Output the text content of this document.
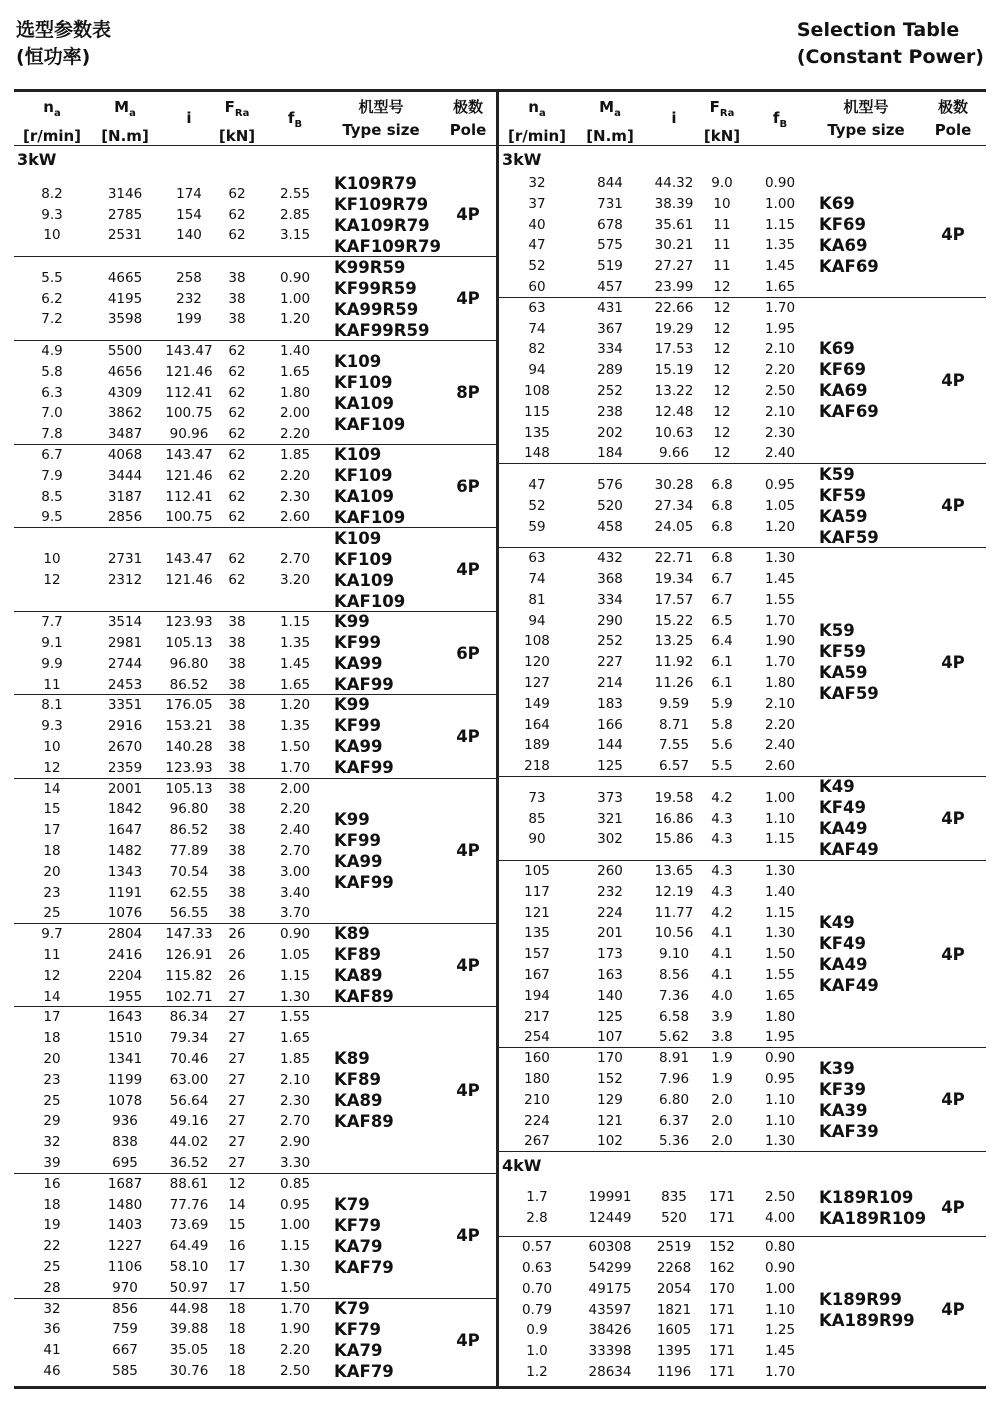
选型参数表
(恒功率)
Selection Table
(Constant Power)
$n_a$
[r/min]
$M_a$
[N.m]
i
$F_{Ra}$
[kN]
$f_B$
机型号
Type size
极数
Pole
3kW
8.2	3146	174	62	2.55
9.3	2785	154	62	2.85
10	2531	140	62	3.15
K109R79
KF109R79
KA109R79
KAF109R79
4P
5.5	4665	258	38	0.90
6.2	4195	232	38	1.00
7.2	3598	199	38	1.20
K99R59
KF99R59
KA99R59
KAF99R59
4P
4.9	5500	143.47	62	1.40
5.8	4656	121.46	62	1.65
6.3	4309	112.41	62	1.80
7.0	3862	100.75	62	2.00
7.8	3487	90.96	62	2.20
K109
KF109
KA109
KAF109
8P
6.7	4068	143.47	62	1.85
7.9	3444	121.46	62	2.20
8.5	3187	112.41	62	2.30
9.5	2856	100.75	62	2.60
K109
KF109
KA109
KAF109
6P
10	2731	143.47	62	2.70
12	2312	121.46	62	3.20
K109
KF109
KA109
KAF109
4P
7.7	3514	123.93	38	1.15
9.1	2981	105.13	38	1.35
9.9	2744	96.80	38	1.45
11	2453	86.52	38	1.65
K99
KF99
KA99
KAF99
6P
8.1	3351	176.05	38	1.20
9.3	2916	153.21	38	1.35
10	2670	140.28	38	1.50
12	2359	123.93	38	1.70
K99
KF99
KA99
KAF99
4P
14	2001	105.13	38	2.00
15	1842	96.80	38	2.20
17	1647	86.52	38	2.40
18	1482	77.89	38	2.70
20	1343	70.54	38	3.00
23	1191	62.55	38	3.40
25	1076	56.55	38	3.70
K99
KF99
KA99
KAF99
4P
9.7	2804	147.33	26	0.90
11	2416	126.91	26	1.05
12	2204	115.82	26	1.15
14	1955	102.71	27	1.30
K89
KF89
KA89
KAF89
4P
17	1643	86.34	27	1.55
18	1510	79.34	27	1.65
20	1341	70.46	27	1.85
23	1199	63.00	27	2.10
25	1078	56.64	27	2.30
29	936	49.16	27	2.70
32	838	44.02	27	2.90
39	695	36.52	27	3.30
K89
KF89
KA89
KAF89
4P
16	1687	88.61	12	0.85
18	1480	77.76	14	0.95
19	1403	73.69	15	1.00
22	1227	64.49	16	1.15
25	1106	58.10	17	1.30
28	970	50.97	17	1.50
K79
KF79
KA79
KAF79
4P
32	856	44.98	18	1.70
36	759	39.88	18	1.90
41	667	35.05	18	2.20
46	585	30.76	18	2.50
K79
KF79
KA79
KAF79
4P
$n_a$
[r/min]
$M_a$
[N.m]
i
$F_{Ra}$
[kN]
$f_B$
机型号
Type size
极数
Pole
3kW
32	844	44.32	9.0	0.90
37	731	38.39	10	1.00
40	678	35.61	11	1.15
47	575	30.21	11	1.35
52	519	27.27	11	1.45
60	457	23.99	12	1.65
K69
KF69
KA69
KAF69
4P
63	431	22.66	12	1.70
74	367	19.29	12	1.95
82	334	17.53	12	2.10
94	289	15.19	12	2.20
108	252	13.22	12	2.50
115	238	12.48	12	2.10
135	202	10.63	12	2.30
148	184	9.66	12	2.40
K69
KF69
KA69
KAF69
4P
47	576	30.28	6.8	0.95
52	520	27.34	6.8	1.05
59	458	24.05	6.8	1.20
K59
KF59
KA59
KAF59
4P
63	432	22.71	6.8	1.30
74	368	19.34	6.7	1.45
81	334	17.57	6.7	1.55
94	290	15.22	6.5	1.70
108	252	13.25	6.4	1.90
120	227	11.92	6.1	1.70
127	214	11.26	6.1	1.80
149	183	9.59	5.9	2.10
164	166	8.71	5.8	2.20
189	144	7.55	5.6	2.40
218	125	6.57	5.5	2.60
K59
KF59
KA59
KAF59
4P
73	373	19.58	4.2	1.00
85	321	16.86	4.3	1.10
90	302	15.86	4.3	1.15
K49
KF49
KA49
KAF49
4P
105	260	13.65	4.3	1.30
117	232	12.19	4.3	1.40
121	224	11.77	4.2	1.15
135	201	10.56	4.1	1.30
157	173	9.10	4.1	1.50
167	163	8.56	4.1	1.55
194	140	7.36	4.0	1.65
217	125	6.58	3.9	1.80
254	107	5.62	3.8	1.95
K49
KF49
KA49
KAF49
4P
160	170	8.91	1.9	0.90
180	152	7.96	1.9	0.95
210	129	6.80	2.0	1.10
224	121	6.37	2.0	1.10
267	102	5.36	2.0	1.30
K39
KF39
KA39
KAF39
4P
4kW
1.7	19991	835	171	2.50
2.8	12449	520	171	4.00
K189R109
KA189R109
4P
0.57	60308	2519	152	0.80
0.63	54299	2268	162	0.90
0.70	49175	2054	170	1.00
0.79	43597	1821	171	1.10
0.9	38426	1605	171	1.25
1.0	33398	1395	171	1.45
1.2	28634	1196	171	1.70
K189R99
KA189R99
4P
